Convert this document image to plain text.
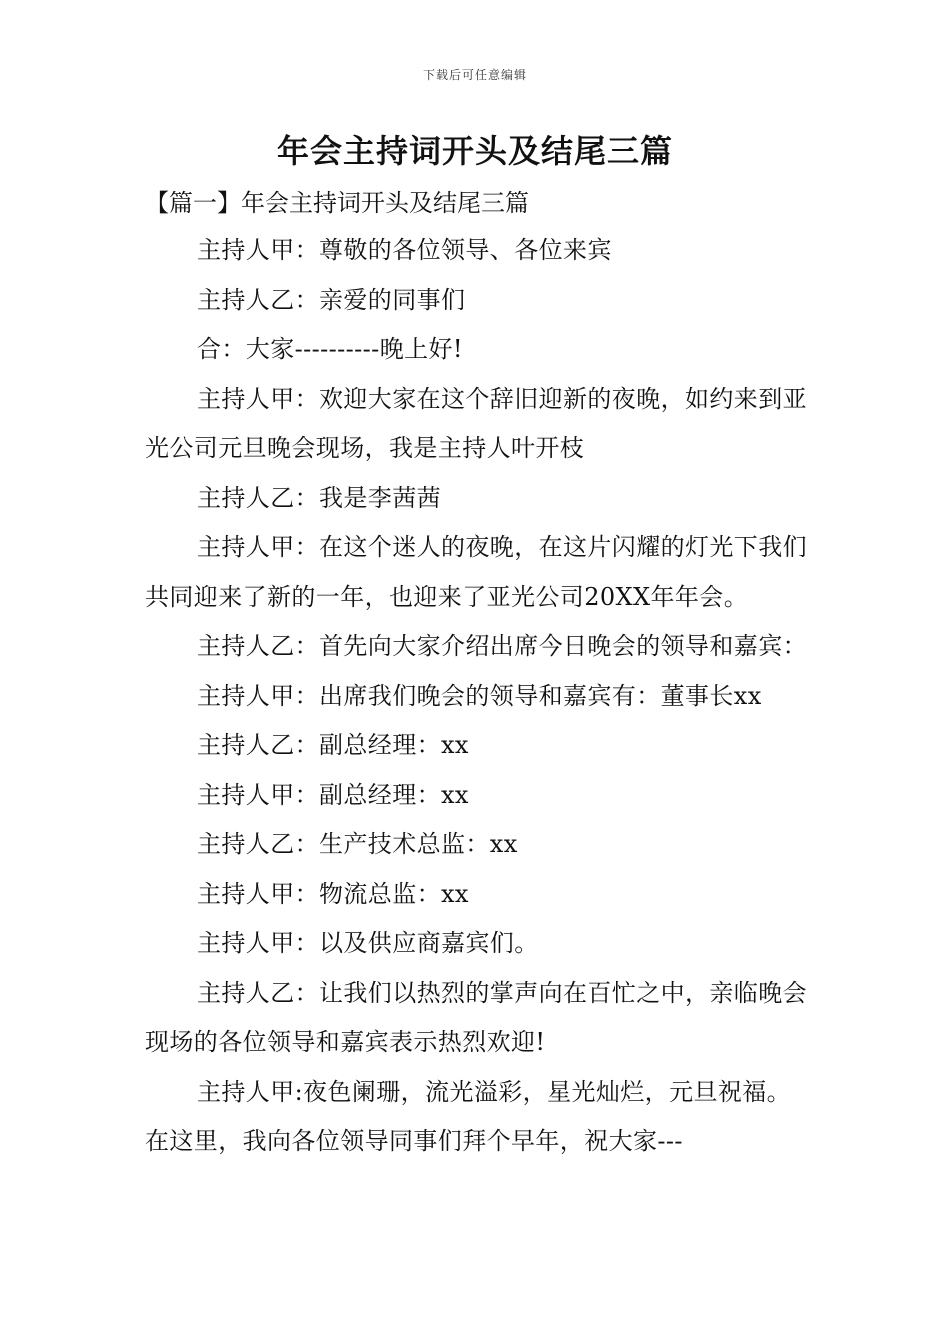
下载后可任意编辑
年会主持词开头及结尾三篇
【篇一】年会主持词开头及结尾三篇

主持人甲：尊敬的各位领导、各位来宾

主持人乙：亲爱的同事们

合：大家----------晚上好!

主持人甲：欢迎大家在这个辞旧迎新的夜晚，如约来到亚光公司元旦晚会现场，我是主持人叶开枝

主持人乙：我是李茜茜

主持人甲：在这个迷人的夜晚，在这片闪耀的灯光下我们共同迎来了新的一年，也迎来了亚光公司20XX年年会。

主持人乙：首先向大家介绍出席今日晚会的领导和嘉宾：

主持人甲：出席我们晚会的领导和嘉宾有：董事长xx

主持人乙：副总经理：xx

主持人甲：副总经理：xx

主持人乙：生产技术总监：xx

主持人甲：物流总监：xx

主持人甲：以及供应商嘉宾们。

主持人乙：让我们以热烈的掌声向在百忙之中，亲临晚会现场的各位领导和嘉宾表示热烈欢迎!

主持人甲:夜色阑珊，流光溢彩，星光灿烂，元旦祝福。在这里，我向各位领导同事们拜个早年，祝大家---
